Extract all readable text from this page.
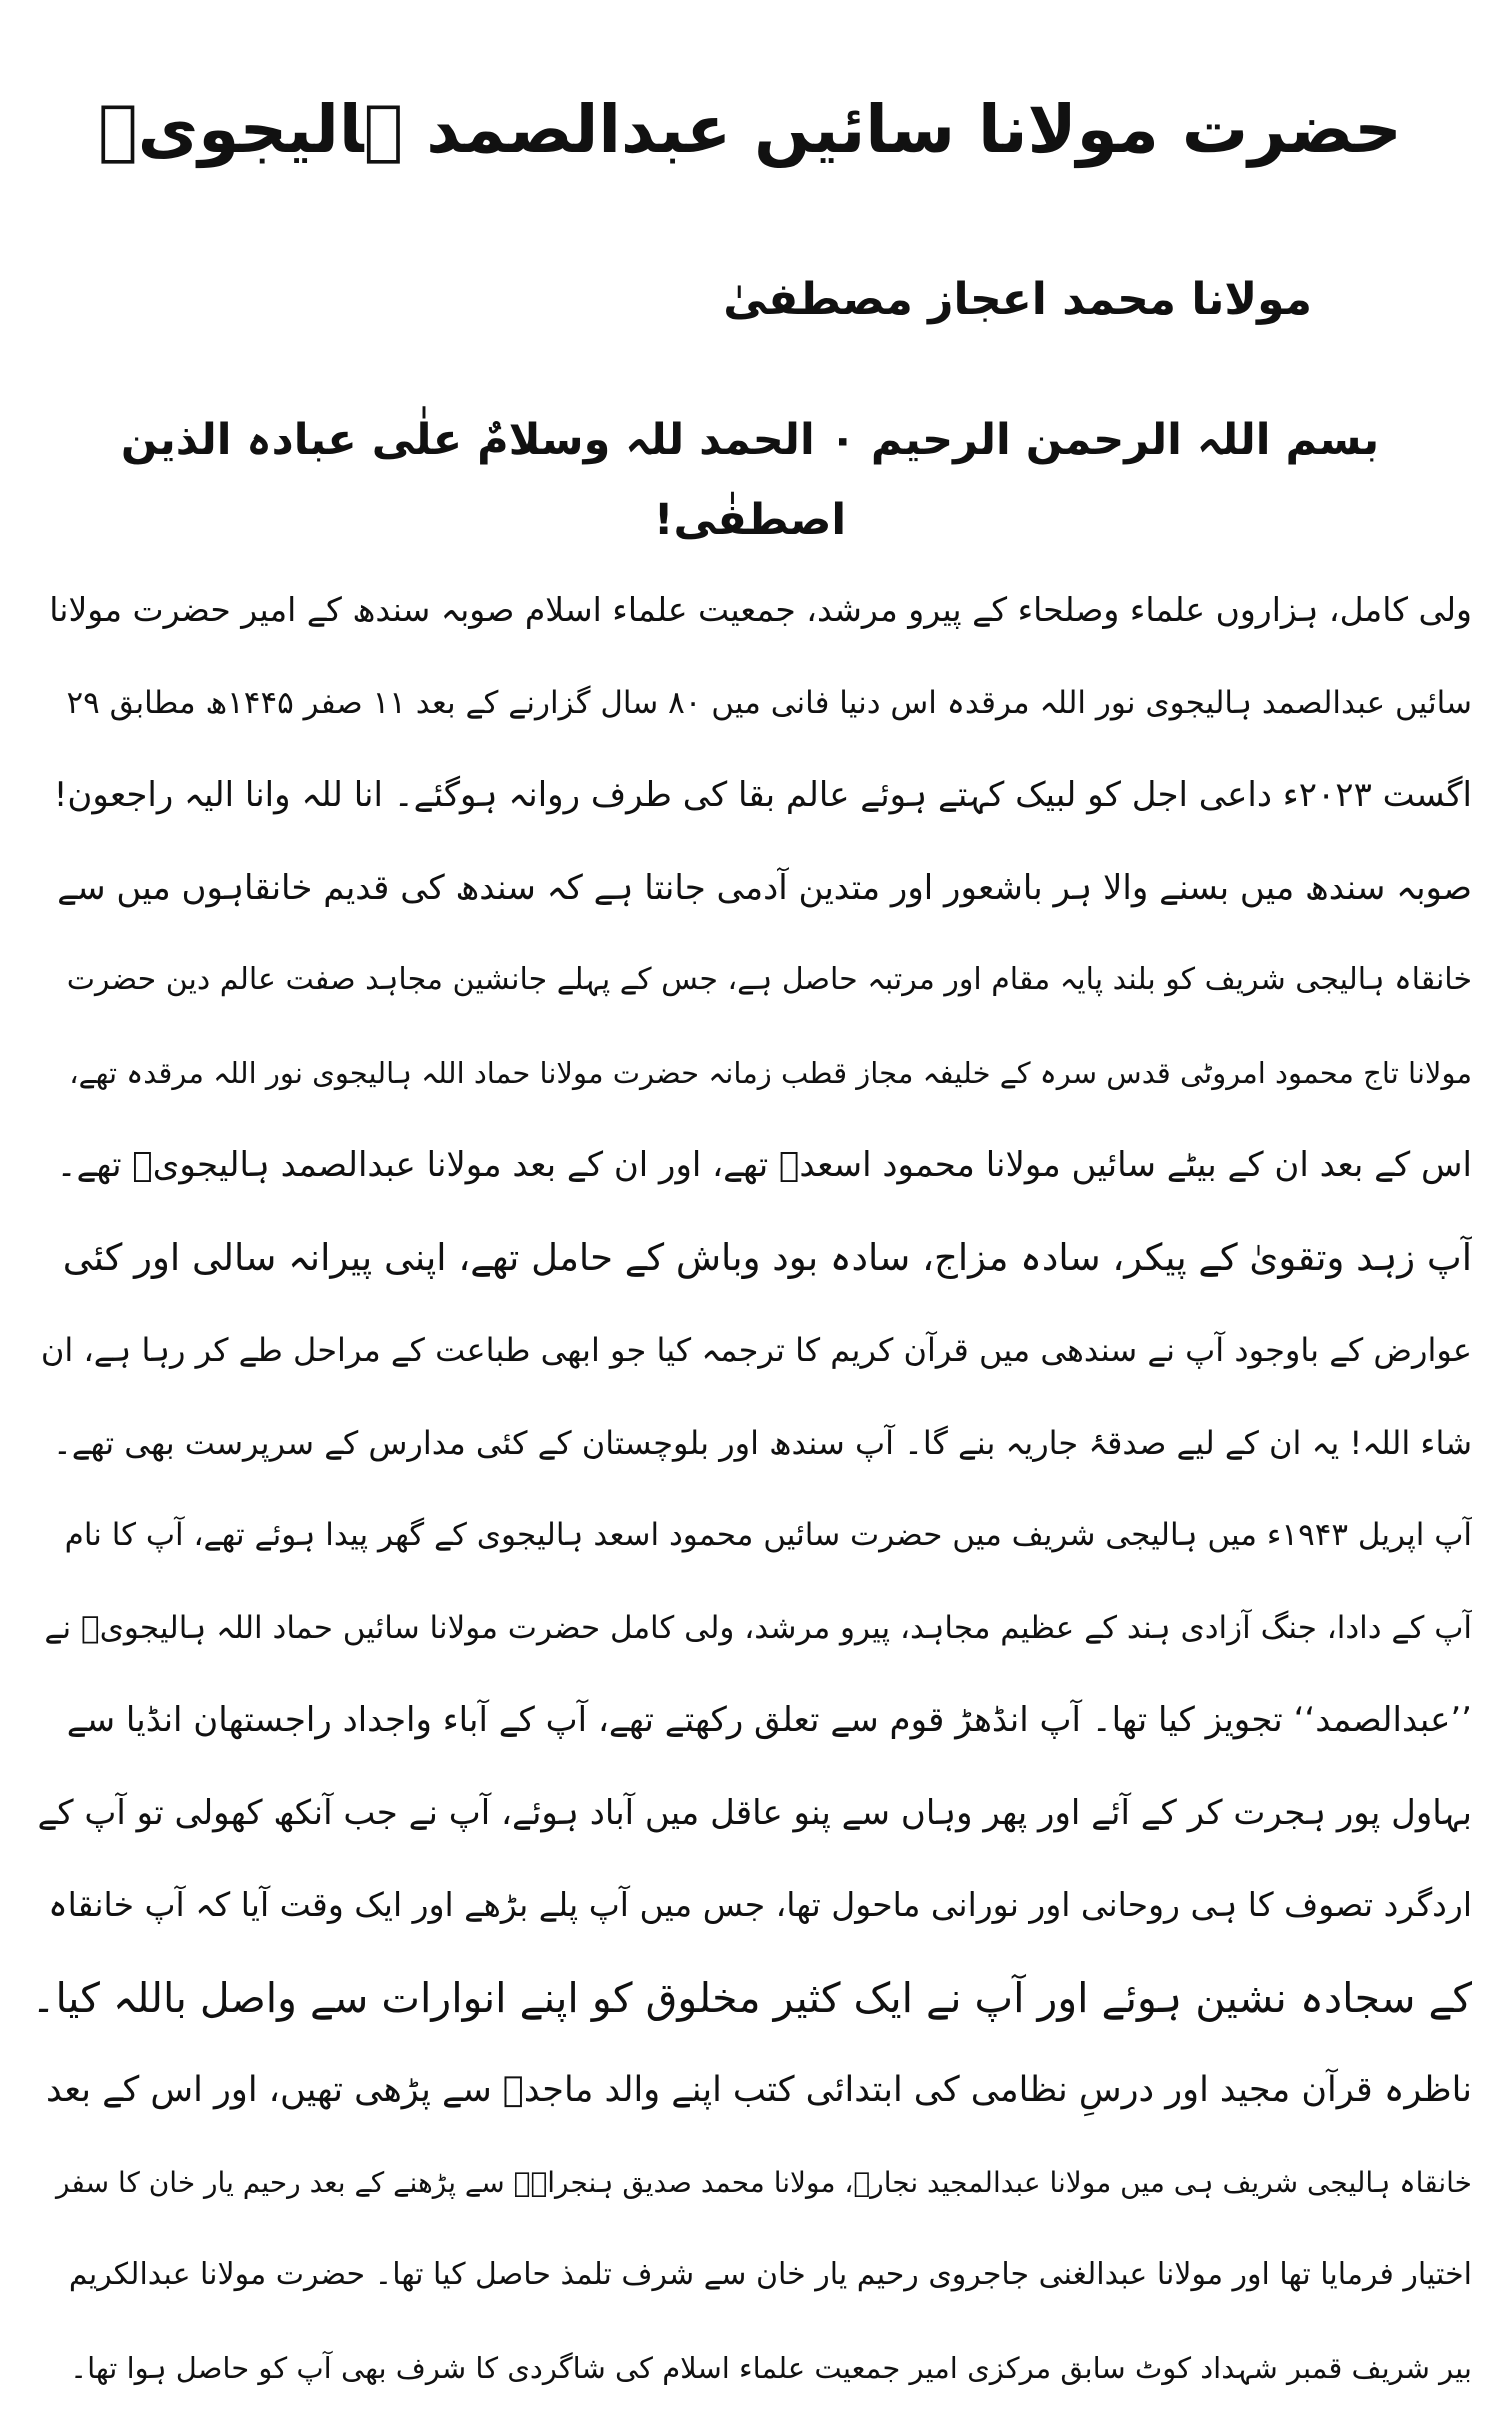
حضرت مولانا سائیں عبدالصمد ہالیجویؒ
مولانا محمد اعجاز مصطفیٰ
بسم اللہ الرحمن الرحیم ۰ الحمد للہ وسلامٌ علٰی عبادہ الذین اصطفٰی!

ولی کامل، ہزاروں علماء وصلحاء کے پیرو مرشد، جمعیت علماء اسلام صوبہ سندھ کے امیر حضرت مولانا
سائیں عبدالصمد ہالیجوی نور اللہ مرقدہ اس دنیا فانی میں ۸۰ سال گزارنے کے بعد ۱۱ صفر ۱۴۴۵ھ مطابق ۲۹
اگست ۲۰۲۳ء داعی اجل کو لبیک کہتے ہوئے عالم بقا کی طرف روانہ ہوگئے۔ انا للہ وانا الیہ راجعون!

صوبہ سندھ میں بسنے والا ہر باشعور اور متدین آدمی جانتا ہے کہ سندھ کی قدیم خانقاہوں میں سے
خانقاہ ہالیجی شریف کو بلند پایہ مقام اور مرتبہ حاصل ہے، جس کے پہلے جانشین مجاہد صفت عالم دین حضرت
مولانا تاج محمود امروٹی قدس سرہ کے خلیفہ مجاز قطب زمانہ حضرت مولانا حماد اللہ ہالیجوی نور اللہ مرقدہ تھے،
اس کے بعد ان کے بیٹے سائیں مولانا محمود اسعدؒ تھے، اور ان کے بعد مولانا عبدالصمد ہالیجویؒ تھے۔

آپ زہد وتقویٰ کے پیکر، سادہ مزاج، سادہ بود وباش کے حامل تھے، اپنی پیرانہ سالی اور کئی
عوارض کے باوجود آپ نے سندھی میں قرآن کریم کا ترجمہ کیا جو ابھی طباعت کے مراحل طے کر رہا ہے، ان
شاء اللہ! یہ ان کے لیے صدقۂ جاریہ بنے گا۔ آپ سندھ اور بلوچستان کے کئی مدارس کے سرپرست بھی تھے۔

آپ اپریل ۱۹۴۳ء میں ہالیجی شریف میں حضرت سائیں محمود اسعد ہالیجوی کے گھر پیدا ہوئے تھے، آپ کا نام
آپ کے دادا، جنگ آزادی ہند کے عظیم مجاہد، پیرو مرشد، ولی کامل حضرت مولانا سائیں حماد اللہ ہالیجویؒ نے
’’عبدالصمد‘‘ تجویز کیا تھا۔ آپ انڈھڑ قوم سے تعلق رکھتے تھے، آپ کے آباء واجداد راجستھان انڈیا سے
بہاول پور ہجرت کر کے آئے اور پھر وہاں سے پنو عاقل میں آباد ہوئے، آپ نے جب آنکھ کھولی تو آپ کے
اردگرد تصوف کا ہی روحانی اور نورانی ماحول تھا، جس میں آپ پلے بڑھے اور ایک وقت آیا کہ آپ خانقاہ
کے سجادہ نشین ہوئے اور آپ نے ایک کثیر مخلوق کو اپنے انوارات سے واصل باللہ کیا۔

ناظرہ قرآن مجید اور درسِ نظامی کی ابتدائی کتب اپنے والد ماجدؒ سے پڑھی تھیں، اور اس کے بعد
خانقاہ ہالیجی شریف ہی میں مولانا عبدالمجید نجارؒ، مولانا محمد صدیق ہنجراہؒ سے پڑھنے کے بعد رحیم یار خان کا سفر
اختیار فرمایا تھا اور مولانا عبدالغنی جاجروی رحیم یار خان سے شرف تلمذ حاصل کیا تھا۔ حضرت مولانا عبدالکریم
بیر شریف قمبر شہداد کوٹ سابق مرکزی امیر جمعیت علماء اسلام کی شاگردی کا شرف بھی آپ کو حاصل ہوا تھا۔
